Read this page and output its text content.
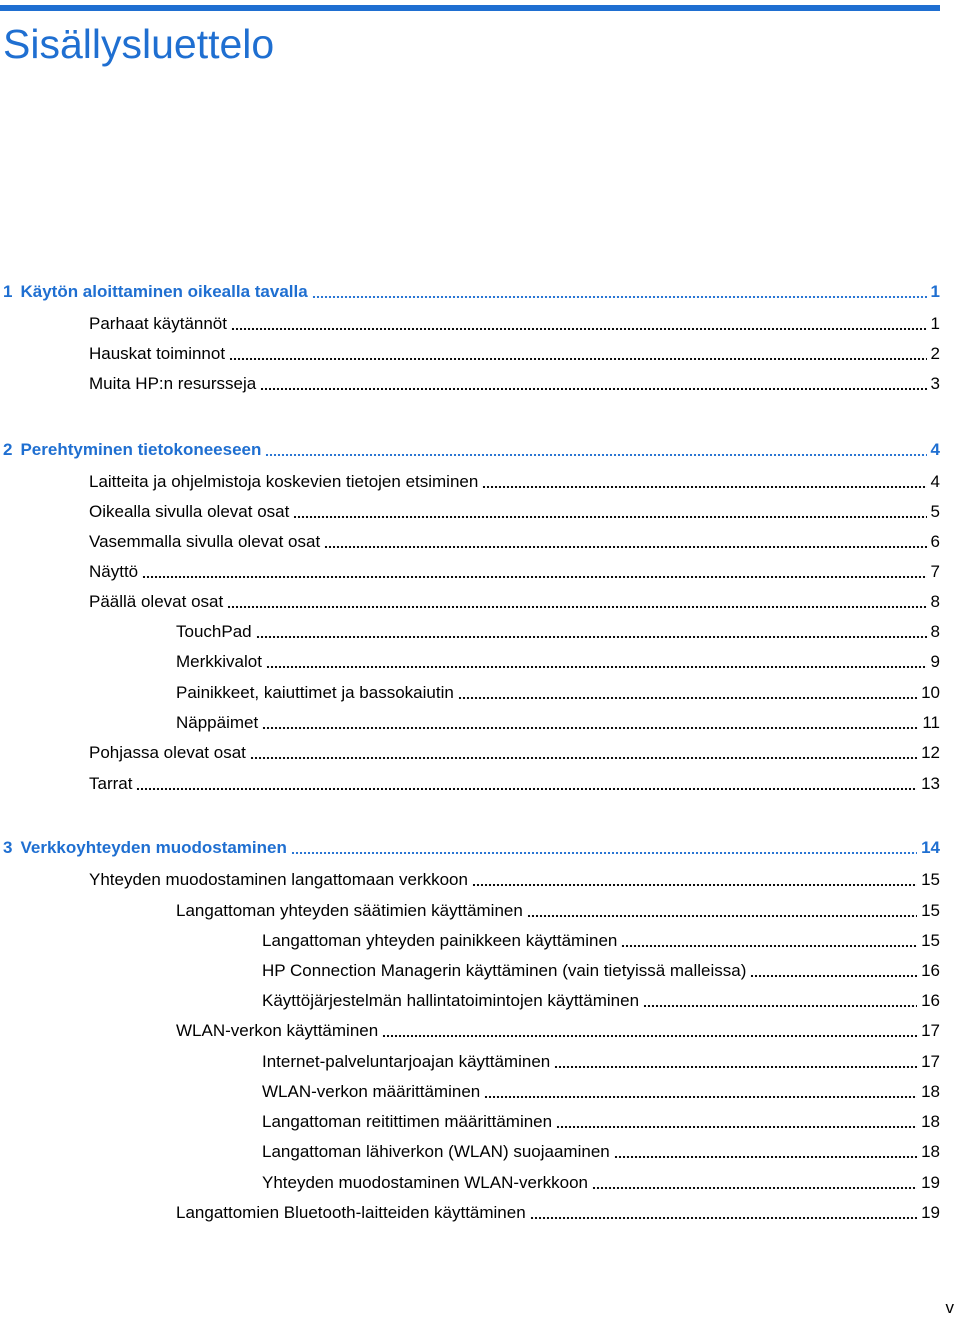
Sisällysluettelo
1 Käytön aloittaminen oikealla tavalla	1
Parhaat käytännöt	1
Hauskat toiminnot	2
Muita HP:n resursseja	3
2 Perehtyminen tietokoneeseen	4
Laitteita ja ohjelmistoja koskevien tietojen etsiminen	4
Oikealla sivulla olevat osat	5
Vasemmalla sivulla olevat osat	6
Näyttö	7
Päällä olevat osat	8
TouchPad	8
Merkkivalot	9
Painikkeet, kaiuttimet ja bassokaiutin	10
Näppäimet	11
Pohjassa olevat osat	12
Tarrat	13
3 Verkkoyhteyden muodostaminen	14
Yhteyden muodostaminen langattomaan verkkoon	15
Langattoman yhteyden säätimien käyttäminen	15
Langattoman yhteyden painikkeen käyttäminen	15
HP Connection Managerin käyttäminen (vain tietyissä malleissa)	16
Käyttöjärjestelmän hallintatoimintojen käyttäminen	16
WLAN-verkon käyttäminen	17
Internet-palveluntarjoajan käyttäminen	17
WLAN-verkon määrittäminen	18
Langattoman reitittimen määrittäminen	18
Langattoman lähiverkon (WLAN) suojaaminen	18
Yhteyden muodostaminen WLAN-verkkoon	19
Langattomien Bluetooth-laitteiden käyttäminen	19
v
